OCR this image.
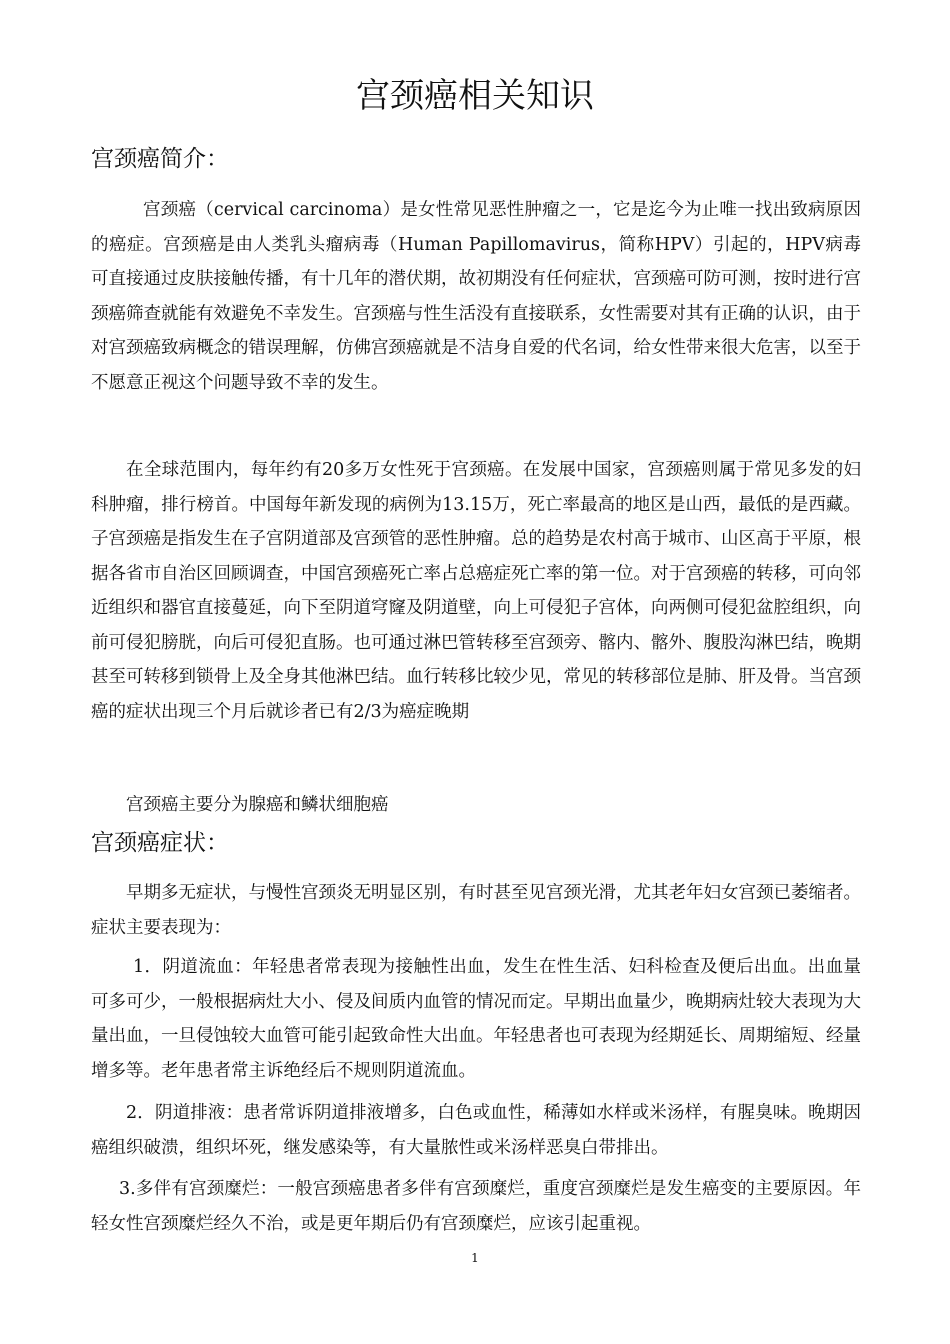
宫颈癌相关知识
宫颈癌简介：

宫颈癌（cervical carcinoma）是女性常见恶性肿瘤之一，它是迄今为止唯一找出致病原因的癌症。宫颈癌是由人类乳头瘤病毒（Human Papillomavirus，简称HPV）引起的，HPV病毒可直接通过皮肤接触传播，有十几年的潜伏期，故初期没有任何症状，宫颈癌可防可测，按时进行宫颈癌筛查就能有效避免不幸发生。宫颈癌与性生活没有直接联系，女性需要对其有正确的认识，由于对宫颈癌致病概念的错误理解，仿佛宫颈癌就是不洁身自爱的代名词，给女性带来很大危害，以至于不愿意正视这个问题导致不幸的发生。

在全球范围内，每年约有20多万女性死于宫颈癌。在发展中国家，宫颈癌则属于常见多发的妇科肿瘤，排行榜首。中国每年新发现的病例为13.15万，死亡率最高的地区是山西，最低的是西藏。子宫颈癌是指发生在子宫阴道部及宫颈管的恶性肿瘤。总的趋势是农村高于城市、山区高于平原，根据各省市自治区回顾调查，中国宫颈癌死亡率占总癌症死亡率的第一位。对于宫颈癌的转移，可向邻近组织和器官直接蔓延，向下至阴道穹窿及阴道壁，向上可侵犯子宫体，向两侧可侵犯盆腔组织，向前可侵犯膀胱，向后可侵犯直肠。也可通过淋巴管转移至宫颈旁、髂内、髂外、腹股沟淋巴结，晚期甚至可转移到锁骨上及全身其他淋巴结。血行转移比较少见，常见的转移部位是肺、肝及骨。当宫颈癌的症状出现三个月后就诊者已有2/3为癌症晚期

宫颈癌主要分为腺癌和鳞状细胞癌

宫颈癌症状：

早期多无症状，与慢性宫颈炎无明显区别，有时甚至见宫颈光滑，尤其老年妇女宫颈已萎缩者。症状主要表现为：

1．阴道流血：年轻患者常表现为接触性出血，发生在性生活、妇科检查及便后出血。出血量可多可少，一般根据病灶大小、侵及间质内血管的情况而定。早期出血量少，晚期病灶较大表现为大量出血，一旦侵蚀较大血管可能引起致命性大出血。年轻患者也可表现为经期延长、周期缩短、经量增多等。老年患者常主诉绝经后不规则阴道流血。

2．阴道排液：患者常诉阴道排液增多，白色或血性，稀薄如水样或米汤样，有腥臭味。晚期因癌组织破溃，组织坏死，继发感染等，有大量脓性或米汤样恶臭白带排出。

3.多伴有宫颈糜烂：一般宫颈癌患者多伴有宫颈糜烂，重度宫颈糜烂是发生癌变的主要原因。年轻女性宫颈糜烂经久不治，或是更年期后仍有宫颈糜烂，应该引起重视。

1
